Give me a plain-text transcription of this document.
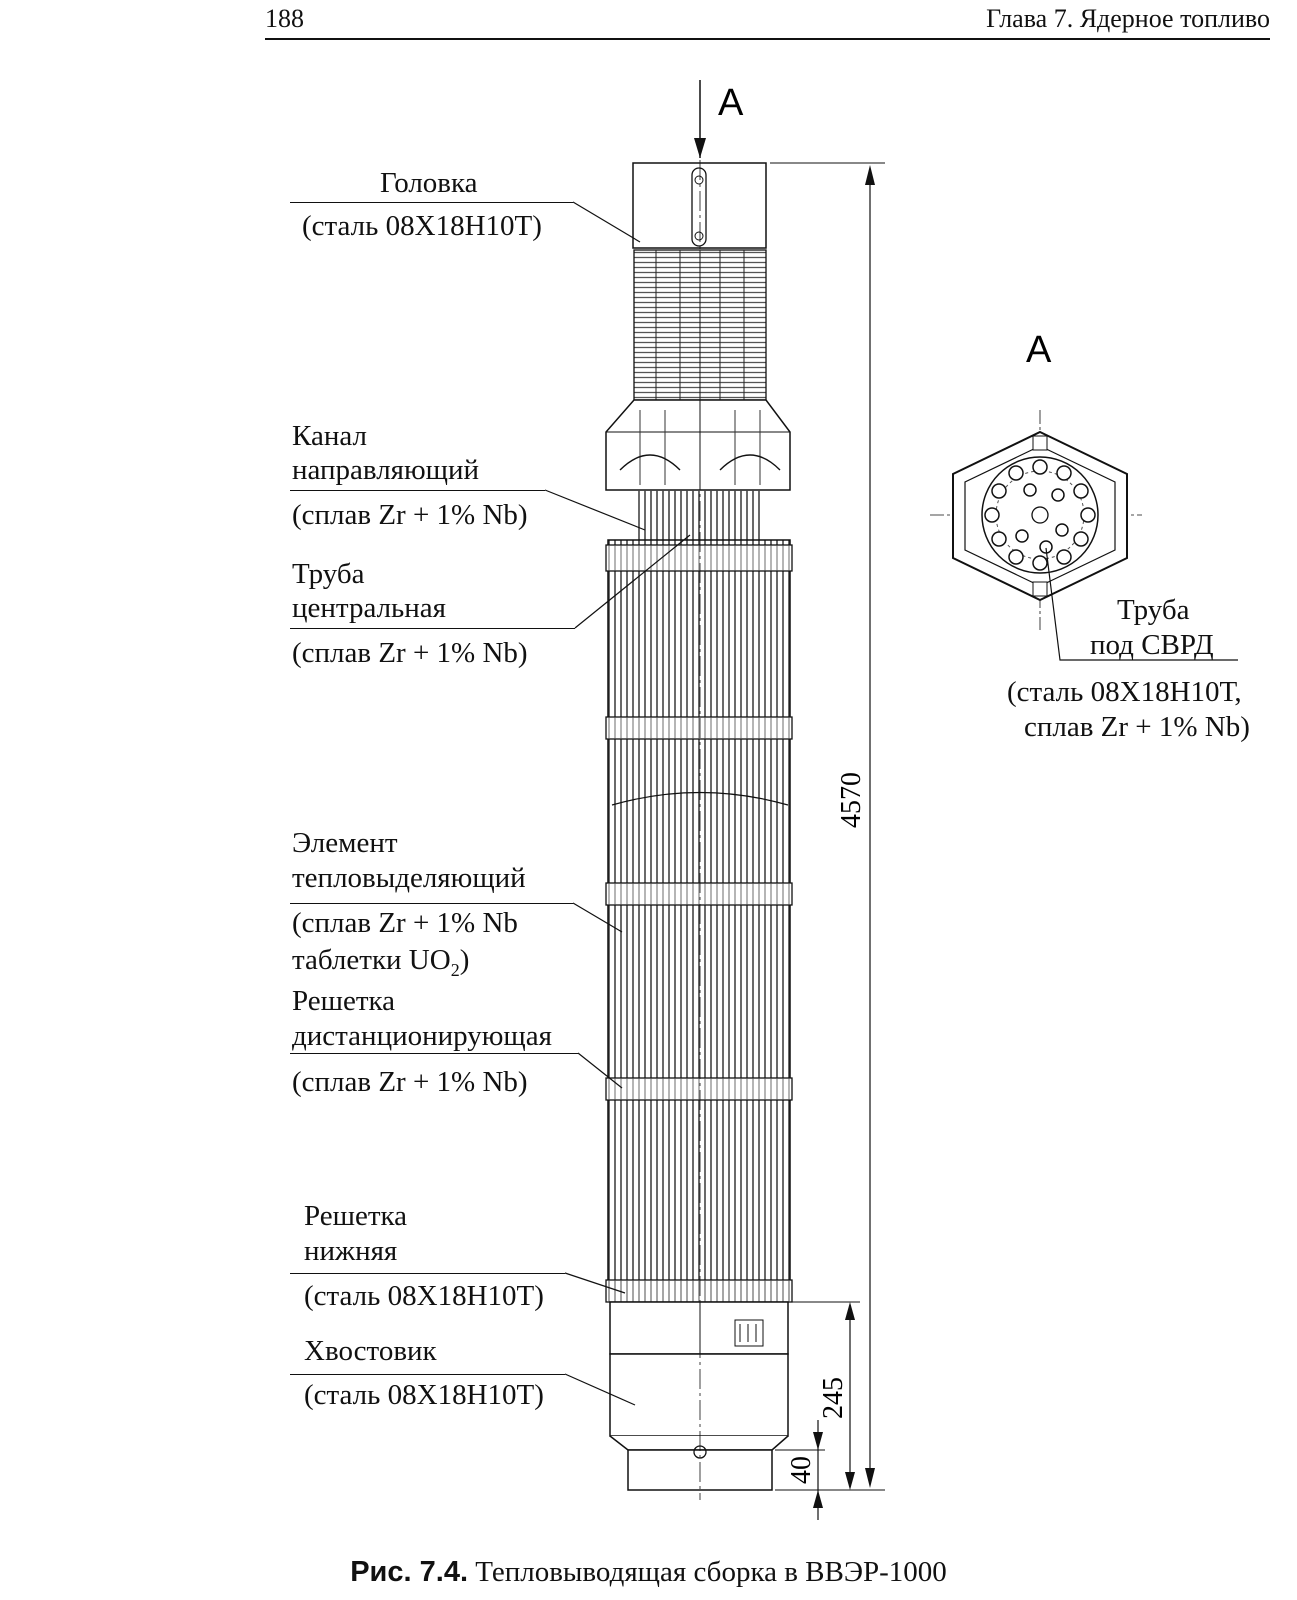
188	Глава 7. Ядерное топливо
A
4570
245
40
A
Головка
(сталь 08Х18Н10Т)
Канал
направляющий
(сплав Zr + 1% Nb)
Труба
центральная
(сплав Zr + 1% Nb)
Элемент
тепловыделяющий
(сплав Zr + 1% Nb
таблетки $UO_2$)
Решетка
дистанционирующая
(сплав Zr + 1% Nb)
Решетка
нижняя
(сталь 08Х18Н10Т)
Хвостовик
(сталь 08Х18Н10Т)
Труба
под СВРД
(сталь 08Х18Н10Т,
сплав Zr + 1% Nb)
Рис. 7.4. Тепловыводящая сборка в ВВЭР-1000
